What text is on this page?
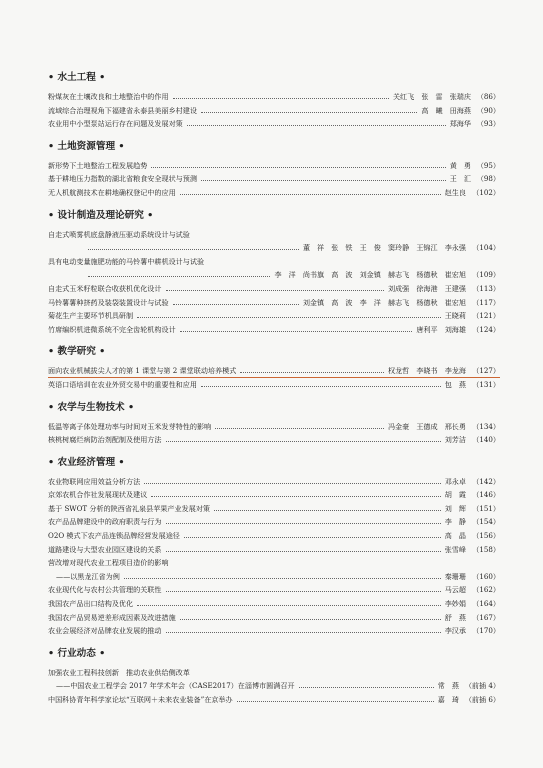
• 水土工程 •
粉煤灰在土壤改良和土地整治中的作用	关红飞　张　雷　张瑞庆 （86）
流域综合治理视角下福建省永泰县美丽乡村建设	高　曦　田海燕 （90）
农业用中小型泵站运行存在问题及发展对策	郑海华 （93）
• 土地资源管理 •
新形势下土地整治工程发展趋势	黄　勇 （95）
基于耕地压力指数的湖北省粮食安全现状与预测	王　汇 （98）
无人机航测技术在耕地确权登记中的应用	赵生良 （102）
• 设计制造及理论研究 •
自走式喷雾机底盘静液压驱动系统设计与试验
董　祥　张　铁　王　俊　窦玲静　王锦江　李永强 （104）
具有电动变量施肥功能的马铃薯中耕机设计与试验
李　洋　尚书旗　高　波　刘金镇　赫志飞　杨德秋　崔宏旭 （109）
自走式玉米籽粒联合收获机优化设计	刘成强　徐海港　王建强 （113）
马铃薯薯种挤药及装袋装置设计与试验	刘金镇　高　波　李　洋　赫志飞　杨德秋　崔宏旭 （117）
菊花生产主要环节机具研制	王晓莉 （121）
竹席编织机进微系统不完全齿轮机构设计	唐利平　刘海雄 （124）
• 教学研究 •
面向农业机械拔尖人才的第 1 课堂与第 2 课堂联动培养模式	权龙哲　李晓书　李龙海 （127）
英语口语培训在农业外贸交易中的重要性和应用	包　燕 （131）
• 农学与生物技术 •
低温等离子体处理功率与时间对玉米发芽特性的影响	冯金豪　王德成　邢长勇 （134）
核桃树腐烂病防治剂配制及使用方法	刘芳洁 （140）
• 农业经济管理 •
农业物联网应用效益分析方法	邓永卓 （142）
京郊农机合作社发展现状及建议	胡　霞 （146）
基于 SWOT 分析的陕西省礼泉县苹果产业发展对策	刘　辉 （151）
农产品品牌建设中的政府职责与行为	李　静 （154）
O2O 模式下农产品连锁品牌经营发展途径	高　晶 （156）
道路建设与大型农业园区建设的关系	张雪峰 （158）
营改增对现代农业工程项目造价的影响
——以黑龙江省为例	秦珊珊 （160）
农业现代化与农村公共管理的关联性	马云超 （162）
我国农产品出口结构及优化	李妙娟 （164）
我国农产品贸易逆差形成因素及改进措施	舒　燕 （167）
农业会展经济对品牌农业发展的推动	李汉承 （170）
• 行业动态 •
加强农业工程科技创新　推动农业供给侧改革
——中国农业工程学会 2017 年学术年会（CASE2017）在淄博市圆满召开	常　燕 （前插 4）
中国科协青年科学家论坛“互联网＋未来农业装备”在京举办	嘉　琦 （前插 6）
